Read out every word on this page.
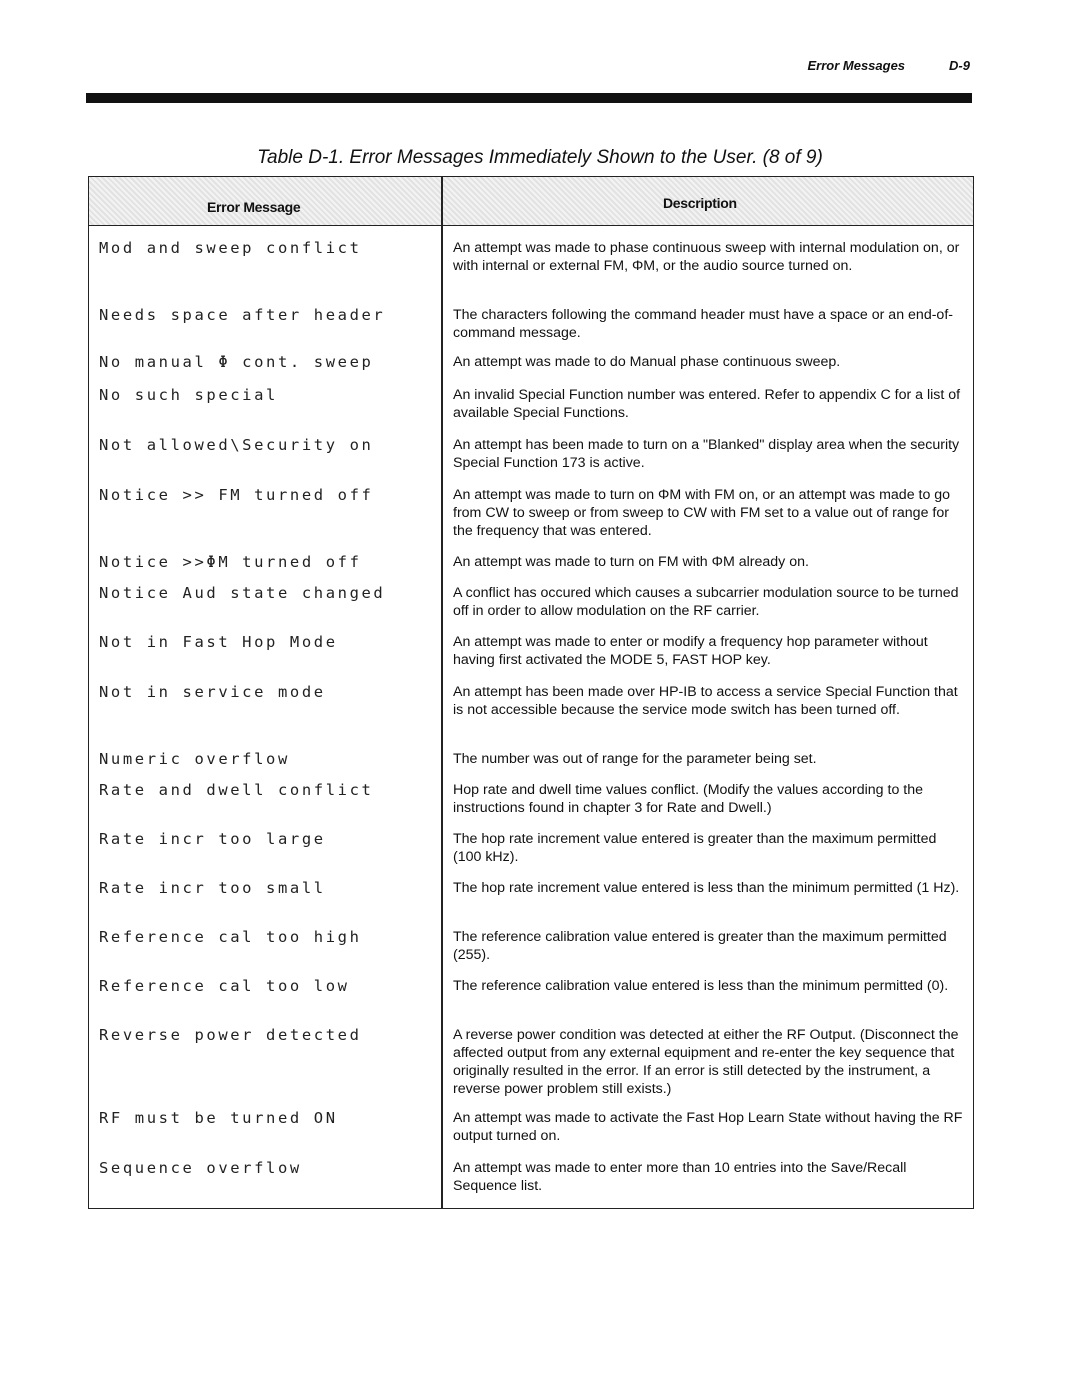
Error Messages	D-9
Table D-1. Error Messages Immediately Shown to the User. (8 of 9)
Error Message	Description
Mod and sweep conflict	An attempt was made to phase continuous sweep with internal modulation on, or with internal or external FM, ΦM, or the audio source turned on.
Needs space after header	The characters following the command header must have a space or an end-of-command message.
No manual Φ cont. sweep	An attempt was made to do Manual phase continuous sweep.
No such special	An invalid Special Function number was entered. Refer to appendix C for a list of available Special Functions.
Not allowed\Security on	An attempt has been made to turn on a "Blanked" display area when the security Special Function 173 is active.
Notice >> FM turned off	An attempt was made to turn on ΦM with FM on, or an attempt was made to go from CW to sweep or from sweep to CW with FM set to a value out of range for the frequency that was entered.
Notice >>ΦM turned off	An attempt was made to turn on FM with ΦM already on.
Notice Aud state changed	A conflict has occured which causes a subcarrier modulation source to be turned off in order to allow modulation on the RF carrier.
Not in Fast Hop Mode	An attempt was made to enter or modify a frequency hop parameter without having first activated the MODE 5, FAST HOP key.
Not in service mode	An attempt has been made over HP-IB to access a service Special Function that is not accessible because the service mode switch has been turned off.
Numeric overflow	The number was out of range for the parameter being set.
Rate and dwell conflict	Hop rate and dwell time values conflict. (Modify the values according to the instructions found in chapter 3 for Rate and Dwell.)
Rate incr too large	The hop rate increment value entered is greater than the maximum permitted (100 kHz).
Rate incr too small	The hop rate increment value entered is less than the minimum permitted (1 Hz).
Reference cal too high	The reference calibration value entered is greater than the maximum permitted (255).
Reference cal too low	The reference calibration value entered is less than the minimum permitted (0).
Reverse power detected	A reverse power condition was detected at either the RF Output. (Disconnect the affected output from any external equipment and re-enter the key sequence that originally resulted in the error. If an error is still detected by the instrument, a reverse power problem still exists.)
RF must be turned ON	An attempt was made to activate the Fast Hop Learn State without having the RF output turned on.
Sequence overflow	An attempt was made to enter more than 10 entries into the Save/Recall Sequence list.
